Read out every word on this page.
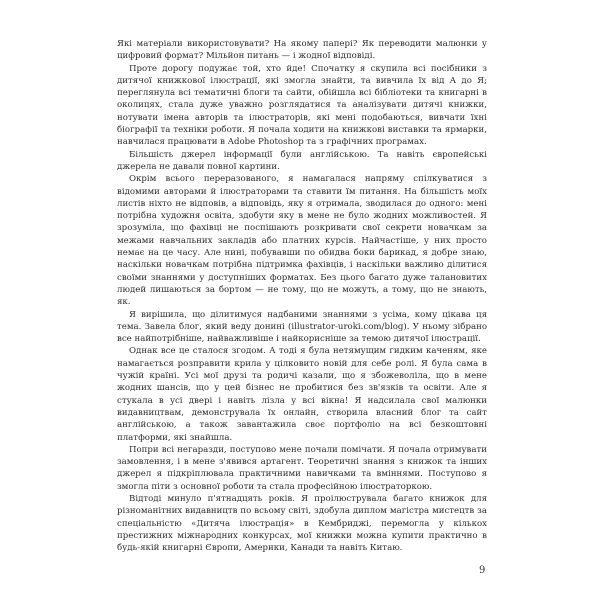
Які матеріали використовувати? На якому папері? Як переводити малюнки у цифровий формат? Мільйон питань — і жодної відповіді.

Проте дорогу подужає той, хто йде! Спочатку я скупила всі посібники з дитячої книжкової ілюстрації, які змогла знайти, та вивчила їх від А до Я; переглянула всі тематичні блоги та сайти, обійшла всі бібліотеки та книгарні в околицях, стала дуже уважно розглядатися та аналізувати дитячі книжки, нотувати імена авторів та ілюстраторів, які мені подобаються, вивчати їхні біографії та техніки роботи. Я почала ходити на книжкові виставки та ярмарки, навчилася працювати в Adobe Photoshop та з графічних програмах.

Більшість джерел інформації були англійською. Та навіть європейські джерела не давали повної картини.

Окрім всього переразованого, я намагалася напряму спілкуватися з відомими авторами й ілюстраторами та ставити їм питання. На більшість моїх листів ніхто не відповів, а відповідь, яку я отримала, зводилася до одного: мені потрібна художня освіта, здобути яку в мене не було жодних можливостей. Я зрозуміла, що фахівці не поспішають розкривати свої секрети новачкам за межами навчальних закладів або платних курсів. Найчастіше, у них просто немає на це часу. Але нині, побувавши по обидва боки барикад, я добре знаю, наскільки новачкам потрібна підтримка фахівців, і наскільки важливо ділитися своїми знаннями у доступніших форматах. Без цього багато дуже талановитих людей лишаються за бортом — не тому, що не можуть, а тому, що не знають, як.

Я вирішила, що ділитимуся надбаними знаннями з усіма, кому цікава ця тема. Завела блог, який веду донині (illustrator-uroki.com/blog). У ньому зібрано все найпотрібніше, найважливіше і найкорисніше за темою дитячої ілюстрації.

Однак все це сталося згодом. А тоді я була нетямущим гидким каченям, яке намагається розправити крила у цілковито новій для себе ролі. Я була сама в чужій країні. Усі мої друзі та родичі казали, що я збожеволіла, що в мене жодних шансів, що у цей бізнес не пробитися без зв'язків та освіти. Але я стукала в усі двері і навіть лізла у всі вікна! Я надсилала свої малюнки видавництвам, демонструвала їх онлайн, створила власний блог та сайт англійською, а також завантажила своє портфоліо на всі безкоштовні платформи, які знайшла.

Попри всі негаразди, поступово мене почали помічати. Я почала отримувати замовлення, і в мене з'явився артагент. Теоретичні знання з книжок та інших джерел я підкріплювала практичними навичками та вміннями. Поступово я змогла піти з основної роботи та стала професійною ілюстраторкою.

Відтоді минуло п'ятнадцять років. Я проілюструвала багато книжок для різноманітних видавництв по всьому світі, здобула диплом магістра мистецтв за спеціальністю «Дитяча ілюстрація» в Кембриджі, перемогла у кількох престижних міжнародних конкурсах, мої книжки можна купити практично в будь-якій книгарні Європи, Америки, Канади та навіть Китаю.

9
